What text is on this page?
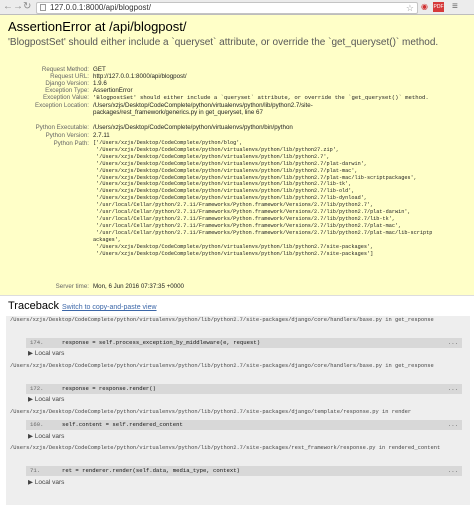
← → ↻ 127.0.0.1:8000/api/blogpost/	☆ ◉ PDF ≡
AssertionError at /api/blogpost/
'BlogpostSet' should either include a `queryset` attribute, or override the `get_queryset()` method.
Request Method: GET
Request URL: http://127.0.0.1:8000/api/blogpost/
Django Version: 1.9.6
Exception Type: AssertionError
Exception Value: 'BlogpostSet' should either include a `queryset` attribute, or override the `get_queryset()` method.
Exception Location: /Users/xzjs/Desktop/CodeComplete/python/virtualenvs/python/lib/python2.7/site-packages/rest_framework/generics.py in get_queryset, line 67
Python Executable: /Users/xzjs/Desktop/CodeComplete/python/virtualenvs/python/bin/python
Python Version: 2.7.11
Python Path: ['/Users/xzjs/Desktop/CodeComplete/python/blog',
'/Users/xzjs/Desktop/CodeComplete/python/virtualenvs/python/lib/python27.zip',
'/Users/xzjs/Desktop/CodeComplete/python/virtualenvs/python/lib/python2.7',
'/Users/xzjs/Desktop/CodeComplete/python/virtualenvs/python/lib/python2.7/plat-darwin',
'/Users/xzjs/Desktop/CodeComplete/python/virtualenvs/python/lib/python2.7/plat-mac',
'/Users/xzjs/Desktop/CodeComplete/python/virtualenvs/python/lib/python2.7/plat-mac/lib-scriptpackages',
'/Users/xzjs/Desktop/CodeComplete/python/virtualenvs/python/lib/python2.7/lib-tk',
'/Users/xzjs/Desktop/CodeComplete/python/virtualenvs/python/lib/python2.7/lib-old',
'/Users/xzjs/Desktop/CodeComplete/python/virtualenvs/python/lib/python2.7/lib-dynload',
'/usr/local/Cellar/python/2.7.11/Frameworks/Python.framework/Versions/2.7/lib/python2.7',
'/usr/local/Cellar/python/2.7.11/Frameworks/Python.framework/Versions/2.7/lib/python2.7/plat-darwin',
'/usr/local/Cellar/python/2.7.11/Frameworks/Python.framework/Versions/2.7/lib/python2.7/lib-tk',
'/usr/local/Cellar/python/2.7.11/Frameworks/Python.framework/Versions/2.7/lib/python2.7/plat-mac',
'/usr/local/Cellar/python/2.7.11/Frameworks/Python.framework/Versions/2.7/lib/python2.7/plat-mac/lib-scriptpackages',
'/Users/xzjs/Desktop/CodeComplete/python/virtualenvs/python/lib/python2.7/site-packages',
'/Users/xzjs/Desktop/CodeComplete/python/virtualenvs/python/lib/python2.7/site-packages']
Server time: Mon, 6 Jun 2016 07:37:35 +0000
Traceback Switch to copy-and-paste view
/Users/xzjs/Desktop/CodeComplete/python/virtualenvs/python/lib/python2.7/site-packages/django/core/handlers/base.py in get_response
174.	response = self.process_exception_by_middleware(e, request)	...
▶ Local vars
/Users/xzjs/Desktop/CodeComplete/python/virtualenvs/python/lib/python2.7/site-packages/django/core/handlers/base.py in get_response
172.	response = response.render()	...
▶ Local vars
/Users/xzjs/Desktop/CodeComplete/python/virtualenvs/python/lib/python2.7/site-packages/django/template/response.py in render
160.	self.content = self.rendered_content	...
▶ Local vars
/Users/xzjs/Desktop/CodeComplete/python/virtualenvs/python/lib/python2.7/site-packages/rest_framework/response.py in rendered_content
71.	ret = renderer.render(self.data, media_type, context)	...
▶ Local vars
